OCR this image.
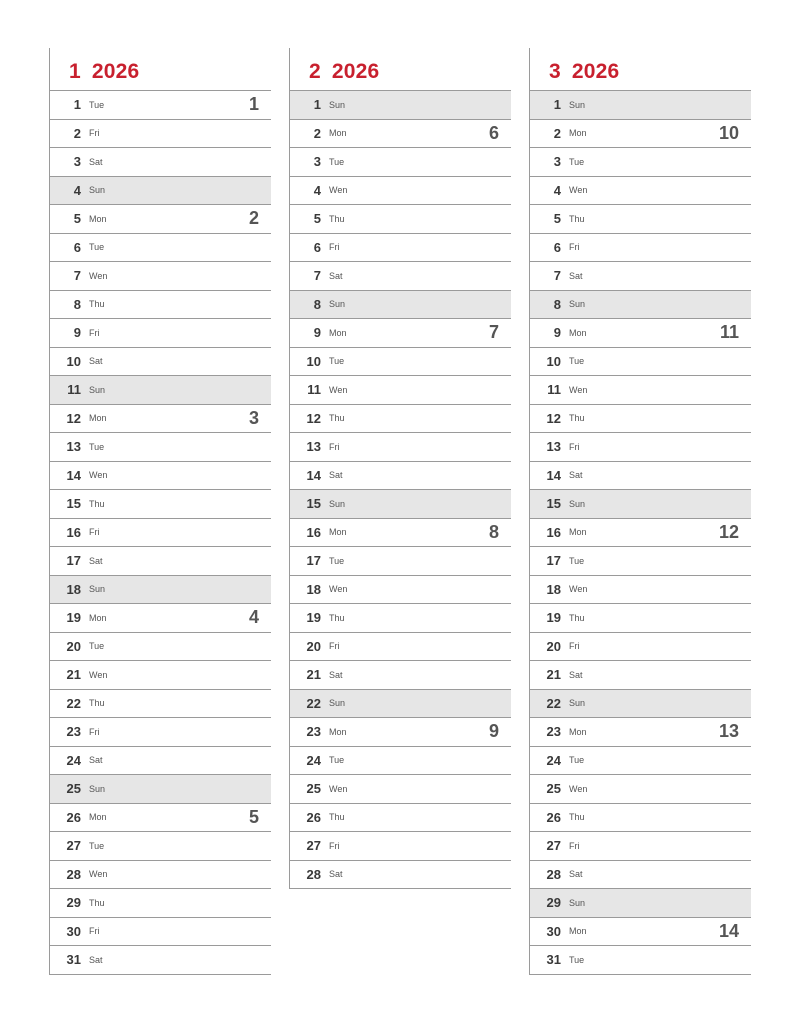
1 2026
1 Tue	1
2 Fri
3 Sat
4 Sun
5 Mon	2
6 Tue
7 Wen
8 Thu
9 Fri
10 Sat
11 Sun
12 Mon	3
13 Tue
14 Wen
15 Thu
16 Fri
17 Sat
18 Sun
19 Mon	4
20 Tue
21 Wen
22 Thu
23 Fri
24 Sat
25 Sun
26 Mon	5
27 Tue
28 Wen
29 Thu
30 Fri
31 Sat
2 2026
1 Sun
2 Mon	6
3 Tue
4 Wen
5 Thu
6 Fri
7 Sat
8 Sun
9 Mon	7
10 Tue
11 Wen
12 Thu
13 Fri
14 Sat
15 Sun
16 Mon	8
17 Tue
18 Wen
19 Thu
20 Fri
21 Sat
22 Sun
23 Mon	9
24 Tue
25 Wen
26 Thu
27 Fri
28 Sat
3 2026
1 Sun
2 Mon	10
3 Tue
4 Wen
5 Thu
6 Fri
7 Sat
8 Sun
9 Mon	11
10 Tue
11 Wen
12 Thu
13 Fri
14 Sat
15 Sun
16 Mon	12
17 Tue
18 Wen
19 Thu
20 Fri
21 Sat
22 Sun
23 Mon	13
24 Tue
25 Wen
26 Thu
27 Fri
28 Sat
29 Sun
30 Mon	14
31 Tue
